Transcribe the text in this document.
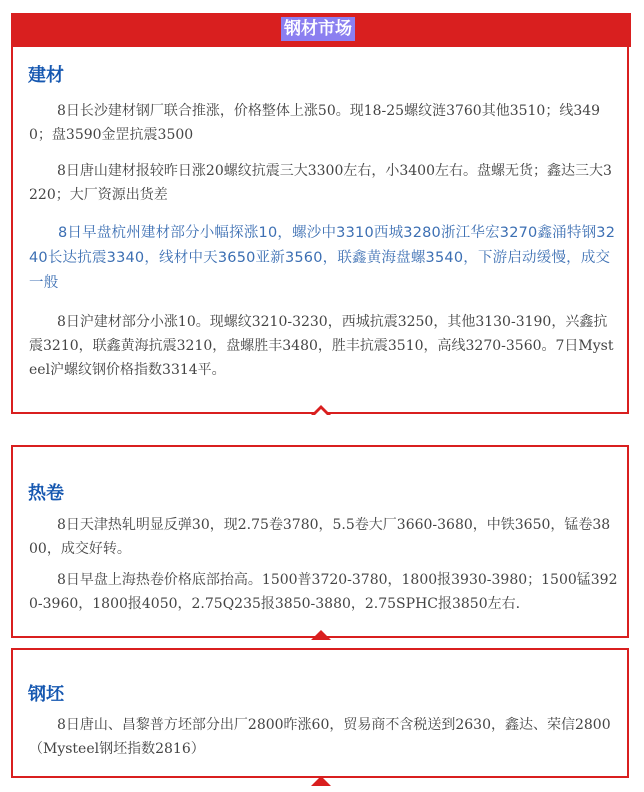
钢材市场
建材

8日长沙建材钢厂联合推涨，价格整体上涨50。现18-25螺纹涟3760其他3510；线3490；盘3590金罡抗震3500

8日唐山建材报较昨日涨20螺纹抗震三大3300左右，小3400左右。盘螺无货；鑫达三大3220；大厂资源出货差

8日早盘杭州建材部分小幅探涨10，螺沙中3310西城3280浙江华宏3270鑫涌特钢3240长达抗震3340，线材中天3650亚新3560，联鑫黄海盘螺3540，下游启动缓慢，成交一般

8日沪建材部分小涨10。现螺纹3210-3230，西城抗震3250，其他3130-3190，兴鑫抗震3210，联鑫黄海抗震3210，盘螺胜丰3480，胜丰抗震3510，高线3270-3560。7日Mysteel沪螺纹钢价格指数3314平。

热卷

8日天津热轧明显反弹30，现2.75卷3780，5.5卷大厂3660-3680，中铁3650，锰卷3800，成交好转。

8日早盘上海热卷价格底部抬高。1500普3720-3780，1800报3930-3980；1500锰3920-3960，1800报4050，2.75Q235报3850-3880，2.75SPHC报3850左右.

钢坯

8日唐山、昌黎普方坯部分出厂2800昨涨60，贸易商不含税送到2630，鑫达、荣信2800（Mysteel钢坯指数2816）
